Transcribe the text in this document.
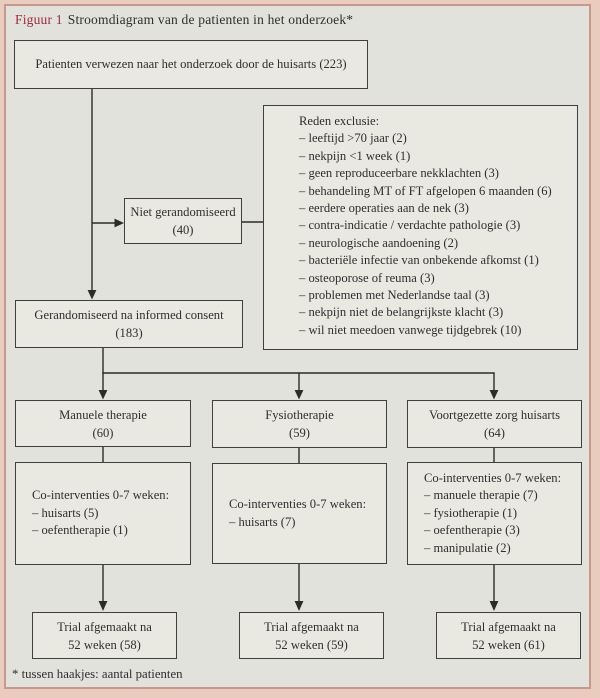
Figuur 1 Stroomdiagram van de patienten in het onderzoek*
Patienten verwezen naar het onderzoek door de huisarts (223)
Niet gerandomiseerd
(40)
Reden exclusie:
– leeftijd >70 jaar (2)
– nekpijn <1 week (1)
– geen reproduceerbare nekklachten (3)
– behandeling MT of FT afgelopen 6 maanden (6)
– eerdere operaties aan de nek (3)
– contra-indicatie / verdachte pathologie (3)
– neurologische aandoening (2)
– bacteriële infectie van onbekende afkomst (1)
– osteoporose of reuma (3)
– problemen met Nederlandse taal (3)
– nekpijn niet de belangrijkste klacht (3)
– wil niet meedoen vanwege tijdgebrek (10)
Gerandomiseerd na informed consent
(183)
Manuele therapie
(60)
Fysiotherapie
(59)
Voortgezette zorg huisarts
(64)
Co-interventies 0-7 weken:
– huisarts (5)
– oefentherapie (1)
Co-interventies 0-7 weken:
– huisarts (7)
Co-interventies 0-7 weken:
– manuele therapie (7)
– fysiotherapie (1)
– oefentherapie (3)
– manipulatie (2)
Trial afgemaakt na
52 weken (58)
Trial afgemaakt na
52 weken (59)
Trial afgemaakt na
52 weken (61)
* tussen haakjes: aantal patienten
